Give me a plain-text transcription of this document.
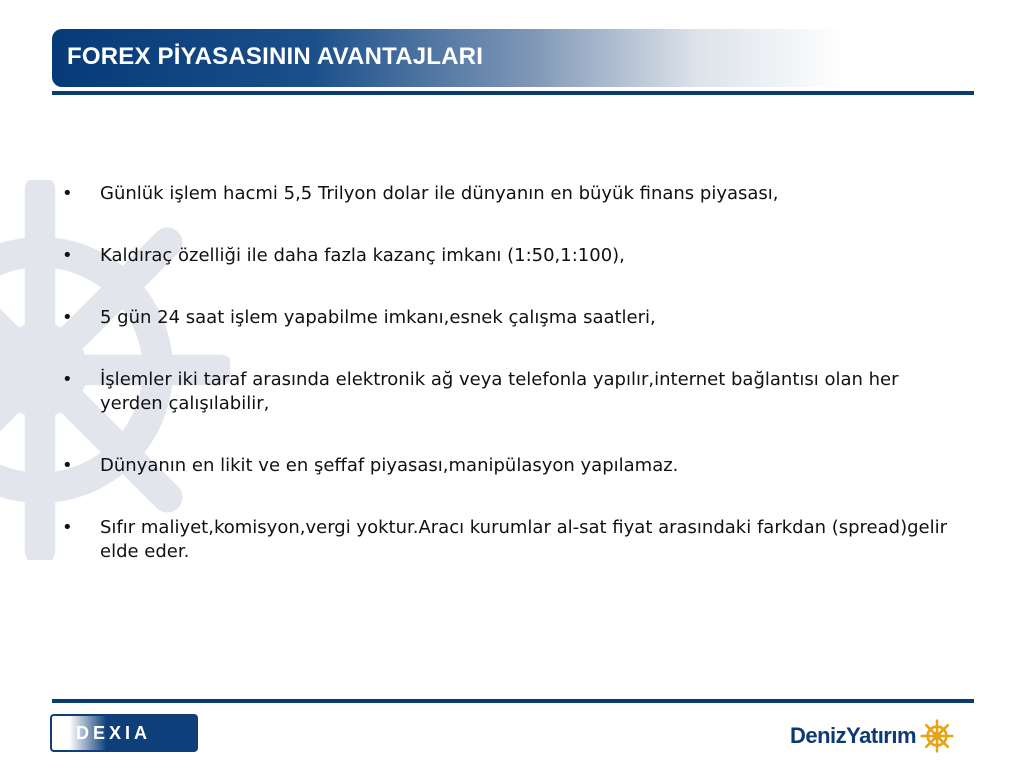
FOREX PİYASASININ AVANTAJLARI
• Günlük işlem hacmi 5,5 Trilyon dolar ile dünyanın en büyük finans piyasası,
• Kaldıraç özelliği ile daha fazla kazanç imkanı (1:50,1:100),
• 5 gün 24 saat işlem yapabilme imkanı,esnek çalışma saatleri,
• İşlemler iki taraf arasında elektronik ağ veya telefonla yapılır,internet bağlantısı olan her yerden çalışılabilir,
• Dünyanın en likit ve en şeffaf piyasası,manipülasyon yapılamaz.
• Sıfır maliyet,komisyon,vergi yoktur.Aracı kurumlar al-sat fiyat arasındaki farkdan (spread)gelir elde eder.
DEXIA	DenizYatırım
